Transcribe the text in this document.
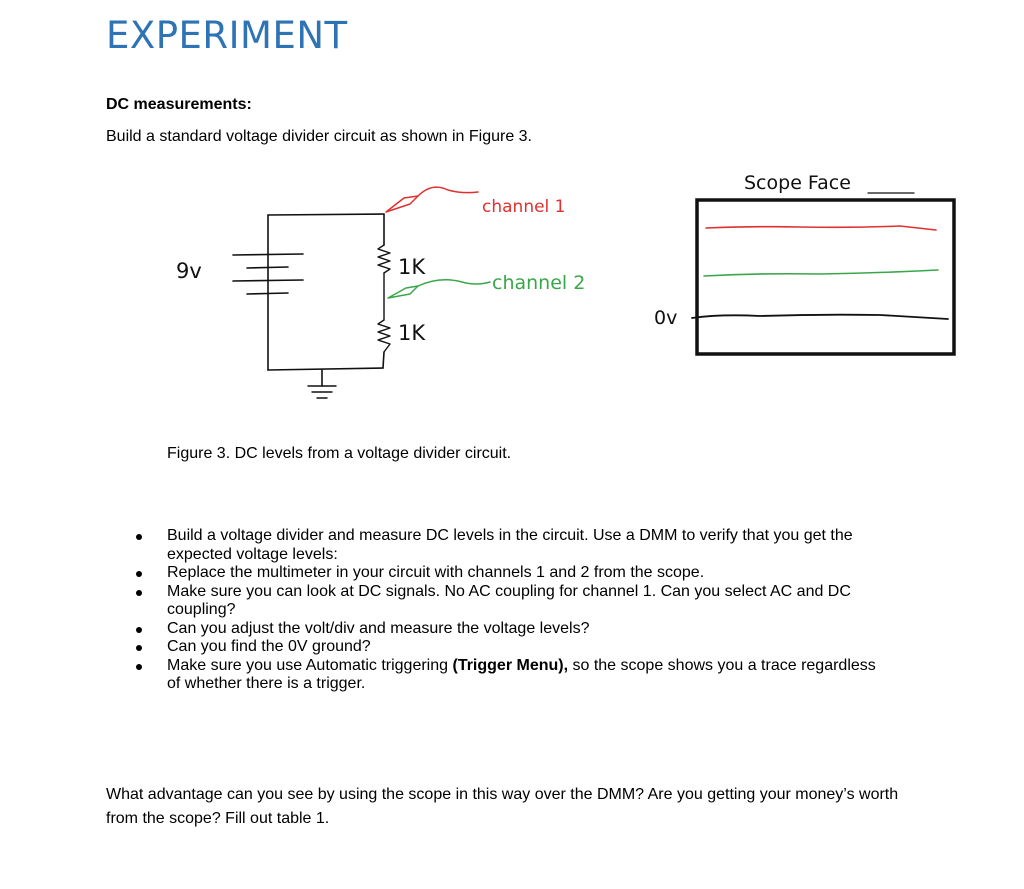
EXPERIMENT
DC measurements:
Build a standard voltage divider circuit as shown in Figure 3.
9v	1K
1K
channel 1
channel 2
0v
Scope Face
Figure 3. DC levels from a voltage divider circuit.
Build a voltage divider and measure DC levels in the circuit. Use a DMM to verify that you get the expected voltage levels:
Replace the multimeter in your circuit with channels 1 and 2 from the scope.
Make sure you can look at DC signals. No AC coupling for channel 1. Can you select AC and DC coupling?
Can you adjust the volt/div and measure the voltage levels?
Can you find the 0V ground?
Make sure you use Automatic triggering (Trigger Menu), so the scope shows you a trace regardless of whether there is a trigger.
What advantage can you see by using the scope in this way over the DMM? Are you getting your money’s worth from the scope? Fill out table 1.
